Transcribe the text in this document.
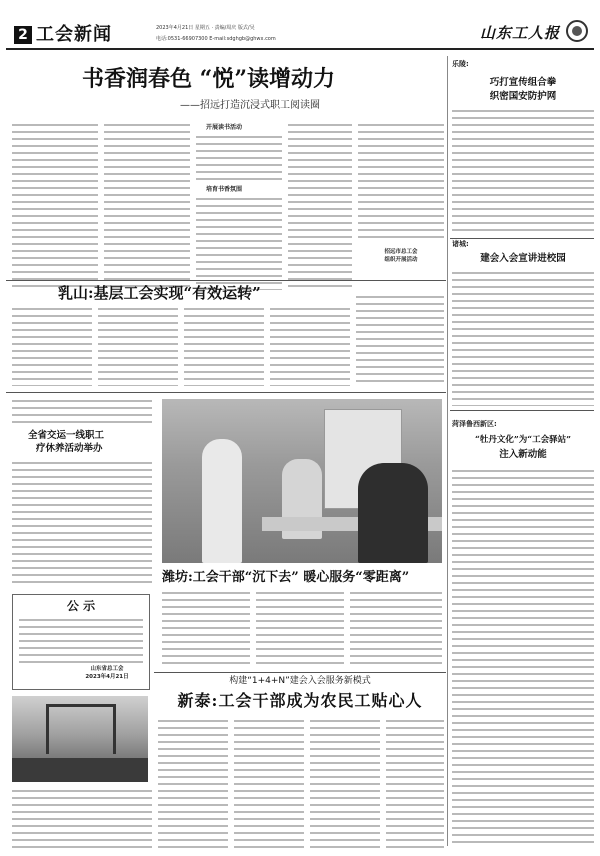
2 工会新闻	2023年4月21日 星期五 · 责编/周庆 版式/吴
电话:0531-66907300 E-mail:sdghgb@ghwx.com	山东工人报
书香润春色 “悦”读增动力
——招远打造沉浸式职工阅读圈
开展读书活动
培育书香氛围
招远市总工会
组织开展活动
乳山:基层工会实现“有效运转”
全省交运一线职工
疗休养活动举办
潍坊:工会干部“沉下去” 暖心服务“零距离”
公 示
山东省总工会
2023年4月21日	构建“1+4+N”建会入会服务新模式
新泰:工会干部成为农民工贴心人
乐陵:
巧打宣传组合拳
织密国安防护网
诸城:
建会入会宣讲进校园
菏泽鲁西新区:
“牡丹文化”为“工会驿站”
注入新动能
